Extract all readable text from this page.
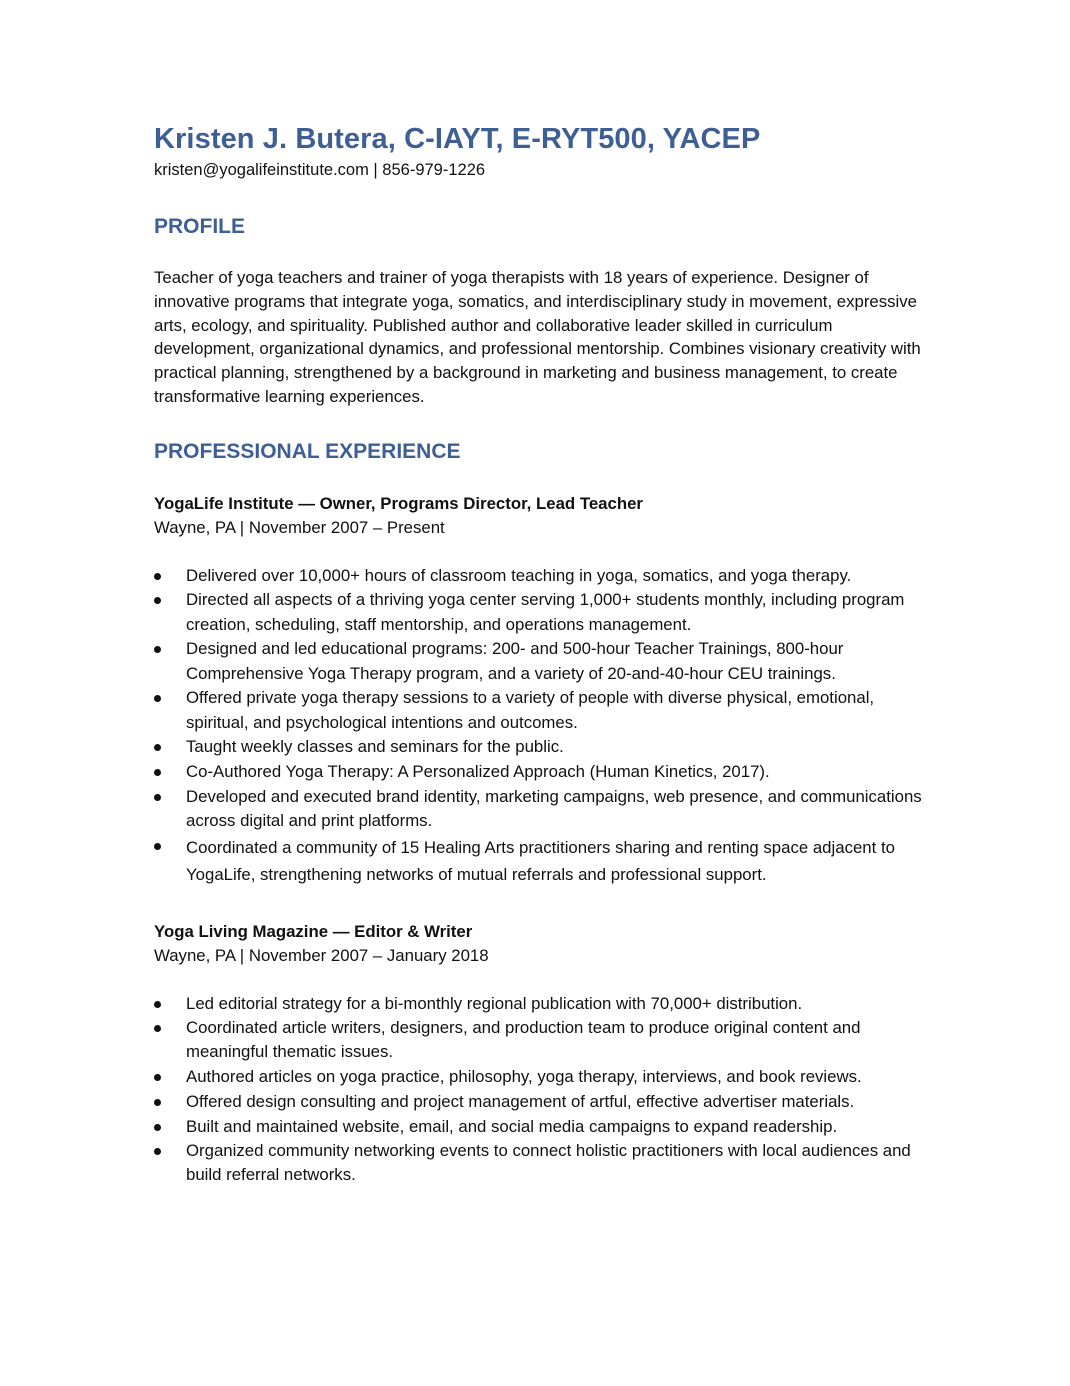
Kristen J. Butera, C-IAYT, E-RYT500, YACEP

kristen@yogalifeinstitute.com | 856-979-1226

PROFILE

Teacher of yoga teachers and trainer of yoga therapists with 18 years of experience. Designer of innovative programs that integrate yoga, somatics, and interdisciplinary study in movement, expressive arts, ecology, and spirituality. Published author and collaborative leader skilled in curriculum development, organizational dynamics, and professional mentorship. Combines visionary creativity with practical planning, strengthened by a background in marketing and business management, to create transformative learning experiences.

PROFESSIONAL EXPERIENCE

YogaLife Institute — Owner, Programs Director, Lead Teacher

Wayne, PA | November 2007 – Present

Delivered over 10,000+ hours of classroom teaching in yoga, somatics, and yoga therapy.
Directed all aspects of a thriving yoga center serving 1,000+ students monthly, including program creation, scheduling, staff mentorship, and operations management.
Designed and led educational programs: 200- and 500-hour Teacher Trainings, 800-hour Comprehensive Yoga Therapy program, and a variety of 20-and-40-hour CEU trainings.
Offered private yoga therapy sessions to a variety of people with diverse physical, emotional, spiritual, and psychological intentions and outcomes.
Taught weekly classes and seminars for the public.
Co-Authored Yoga Therapy: A Personalized Approach (Human Kinetics, 2017).
Developed and executed brand identity, marketing campaigns, web presence, and communications across digital and print platforms.
Coordinated a community of 15 Healing Arts practitioners sharing and renting space adjacent to YogaLife, strengthening networks of mutual referrals and professional support.

Yoga Living Magazine — Editor & Writer

Wayne, PA | November 2007 – January 2018

Led editorial strategy for a bi-monthly regional publication with 70,000+ distribution.
Coordinated article writers, designers, and production team to produce original content and meaningful thematic issues.
Authored articles on yoga practice, philosophy, yoga therapy, interviews, and book reviews.
Offered design consulting and project management of artful, effective advertiser materials.
Built and maintained website, email, and social media campaigns to expand readership.
Organized community networking events to connect holistic practitioners with local audiences and build referral networks.
